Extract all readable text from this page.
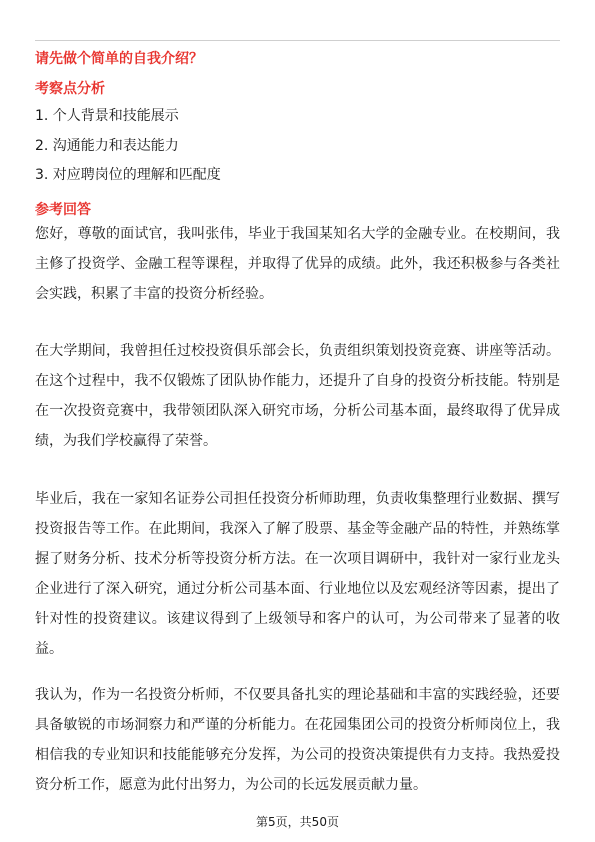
请先做个简单的自我介绍？
考察点分析
1. 个人背景和技能展示
2. 沟通能力和表达能力
3. 对应聘岗位的理解和匹配度
参考回答

您好，尊敬的面试官，我叫张伟，毕业于我国某知名大学的金融专业。在校期间，我主修了投资学、金融工程等课程，并取得了优异的成绩。此外，我还积极参与各类社会实践，积累了丰富的投资分析经验。

在大学期间，我曾担任过校投资俱乐部会长，负责组织策划投资竞赛、讲座等活动。在这个过程中，我不仅锻炼了团队协作能力，还提升了自身的投资分析技能。特别是在一次投资竞赛中，我带领团队深入研究市场，分析公司基本面，最终取得了优异成绩，为我们学校赢得了荣誉。

毕业后，我在一家知名证券公司担任投资分析师助理，负责收集整理行业数据、撰写投资报告等工作。在此期间，我深入了解了股票、基金等金融产品的特性，并熟练掌握了财务分析、技术分析等投资分析方法。在一次项目调研中，我针对一家行业龙头企业进行了深入研究，通过分析公司基本面、行业地位以及宏观经济等因素，提出了针对性的投资建议。该建议得到了上级领导和客户的认可，为公司带来了显著的收益。

我认为，作为一名投资分析师，不仅要具备扎实的理论基础和丰富的实践经验，还要具备敏锐的市场洞察力和严谨的分析能力。在花园集团公司的投资分析师岗位上，我相信我的专业知识和技能能够充分发挥，为公司的投资决策提供有力支持。我热爱投资分析工作，愿意为此付出努力，为公司的长远发展贡献力量。

第5页，共50页
